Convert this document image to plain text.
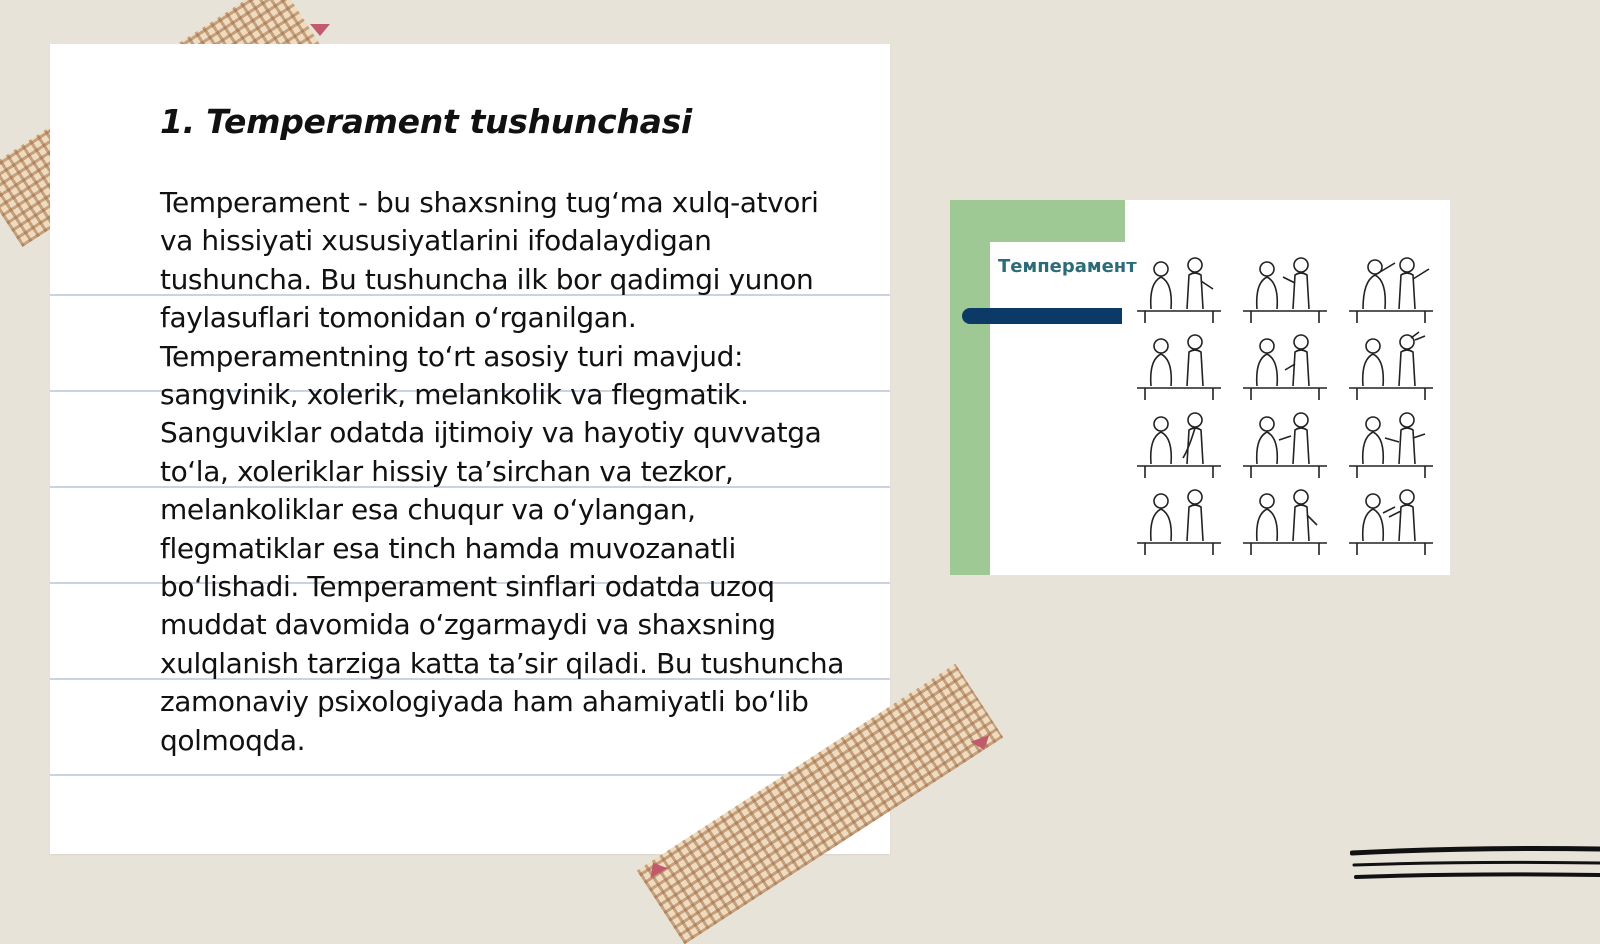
1. Temperament tushunchasi

Temperament - bu shaxsning tug‘ma xulq-atvori va hissiyati xususiyatlarini ifodalaydigan tushuncha. Bu tushuncha ilk bor qadimgi yunon faylasuflari tomonidan o‘rganilgan. Temperamentning to‘rt asosiy turi mavjud: sangvinik, xolerik, melankolik va flegmatik. Sanguviklar odatda ijtimoiy va hayotiy quvvatga to‘la, xoleriklar hissiy ta’sirchan va tezkor, melankoliklar esa chuqur va o‘ylangan, flegmatiklar esa tinch hamda muvozanatli bo‘lishadi. Temperament sinflari odatda uzoq muddat davomida o‘zgarmaydi va shaxsning xulqlanish tarziga katta ta’sir qiladi. Bu tushuncha zamonaviy psixologiyada ham ahamiyatli bo‘lib qolmoqda.

Темперамент
